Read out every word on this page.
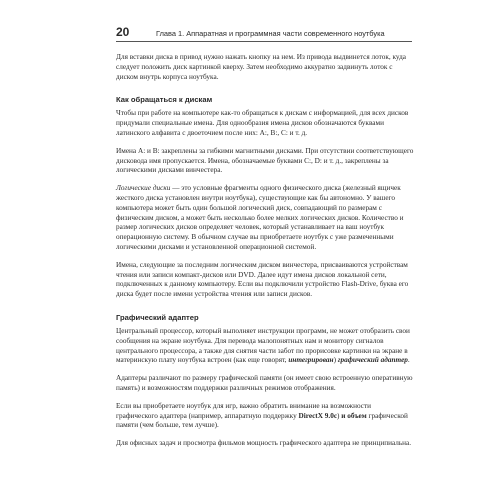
20	Глава 1. Аппаратная и программная части современного ноутбука

Для вставки диска в привод нужно нажать кнопку на нем. Из привода выдвинется лоток, куда следует положить диск картинкой кверху. Затем необходимо аккуратно задвинуть лоток с диском внутрь корпуса ноутбука.

Как обращаться к дискам

Чтобы при работе на компьютере как-то обращаться к дискам с информацией, для всех дисков придумали специальные имена. Для однообразия имена дисков обозначаются буквами латинского алфавита с двоеточием после них: A:, B:, C: и т. д.

Имена A: и B: закреплены за гибкими магнитными дисками. При отсутствии соответствующего дисковода имя пропускается. Имена, обозначаемые буквами C:, D: и т. д., закреплены за логическими дисками винчестера.

Логические диски — это условные фрагменты одного физического диска (железный ящичек жесткого диска установлен внутри ноутбука), существующие как бы автономно. У вашего компьютера может быть один большой логический диск, совпадающий по размерам с физическим диском, а может быть несколько более мелких логических дисков. Количество и размер логических дисков определяет человек, который устанавливает на ваш ноутбук операционную систему. В обычном случае вы приобретаете ноутбук с уже размеченными логическими дисками и установленной операционной системой.

Имена, следующие за последним логическим диском винчестера, присваиваются устройствам чтения или записи компакт-дисков или DVD. Далее идут имена дисков локальной сети, подключенных к данному компьютеру. Если вы подключили устройство Flash-Drive, буква его диска будет после имени устройства чтения или записи дисков.

Графический адаптер

Центральный процессор, который выполняет инструкции программ, не может отобразить свои сообщения на экране ноутбука. Для перевода малопонятных нам и монитору сигналов центрального процессора, а также для снятия части забот по прорисовке картинки на экране в материнскую плату ноутбука встроен (как еще говорят, интегрирован) графический адаптер.

Адаптеры различают по размеру графической памяти (он имеет свою встроенную оперативную память) и возможностям поддержки различных режимов отображения.

Если вы приобретаете ноутбук для игр, важно обратить внимание на возможности графического адаптера (например, аппаратную поддержку DirectX 9.0c) и объем графической памяти (чем больше, тем лучше).

Для офисных задач и просмотра фильмов мощность графического адаптера не принципиальна.
